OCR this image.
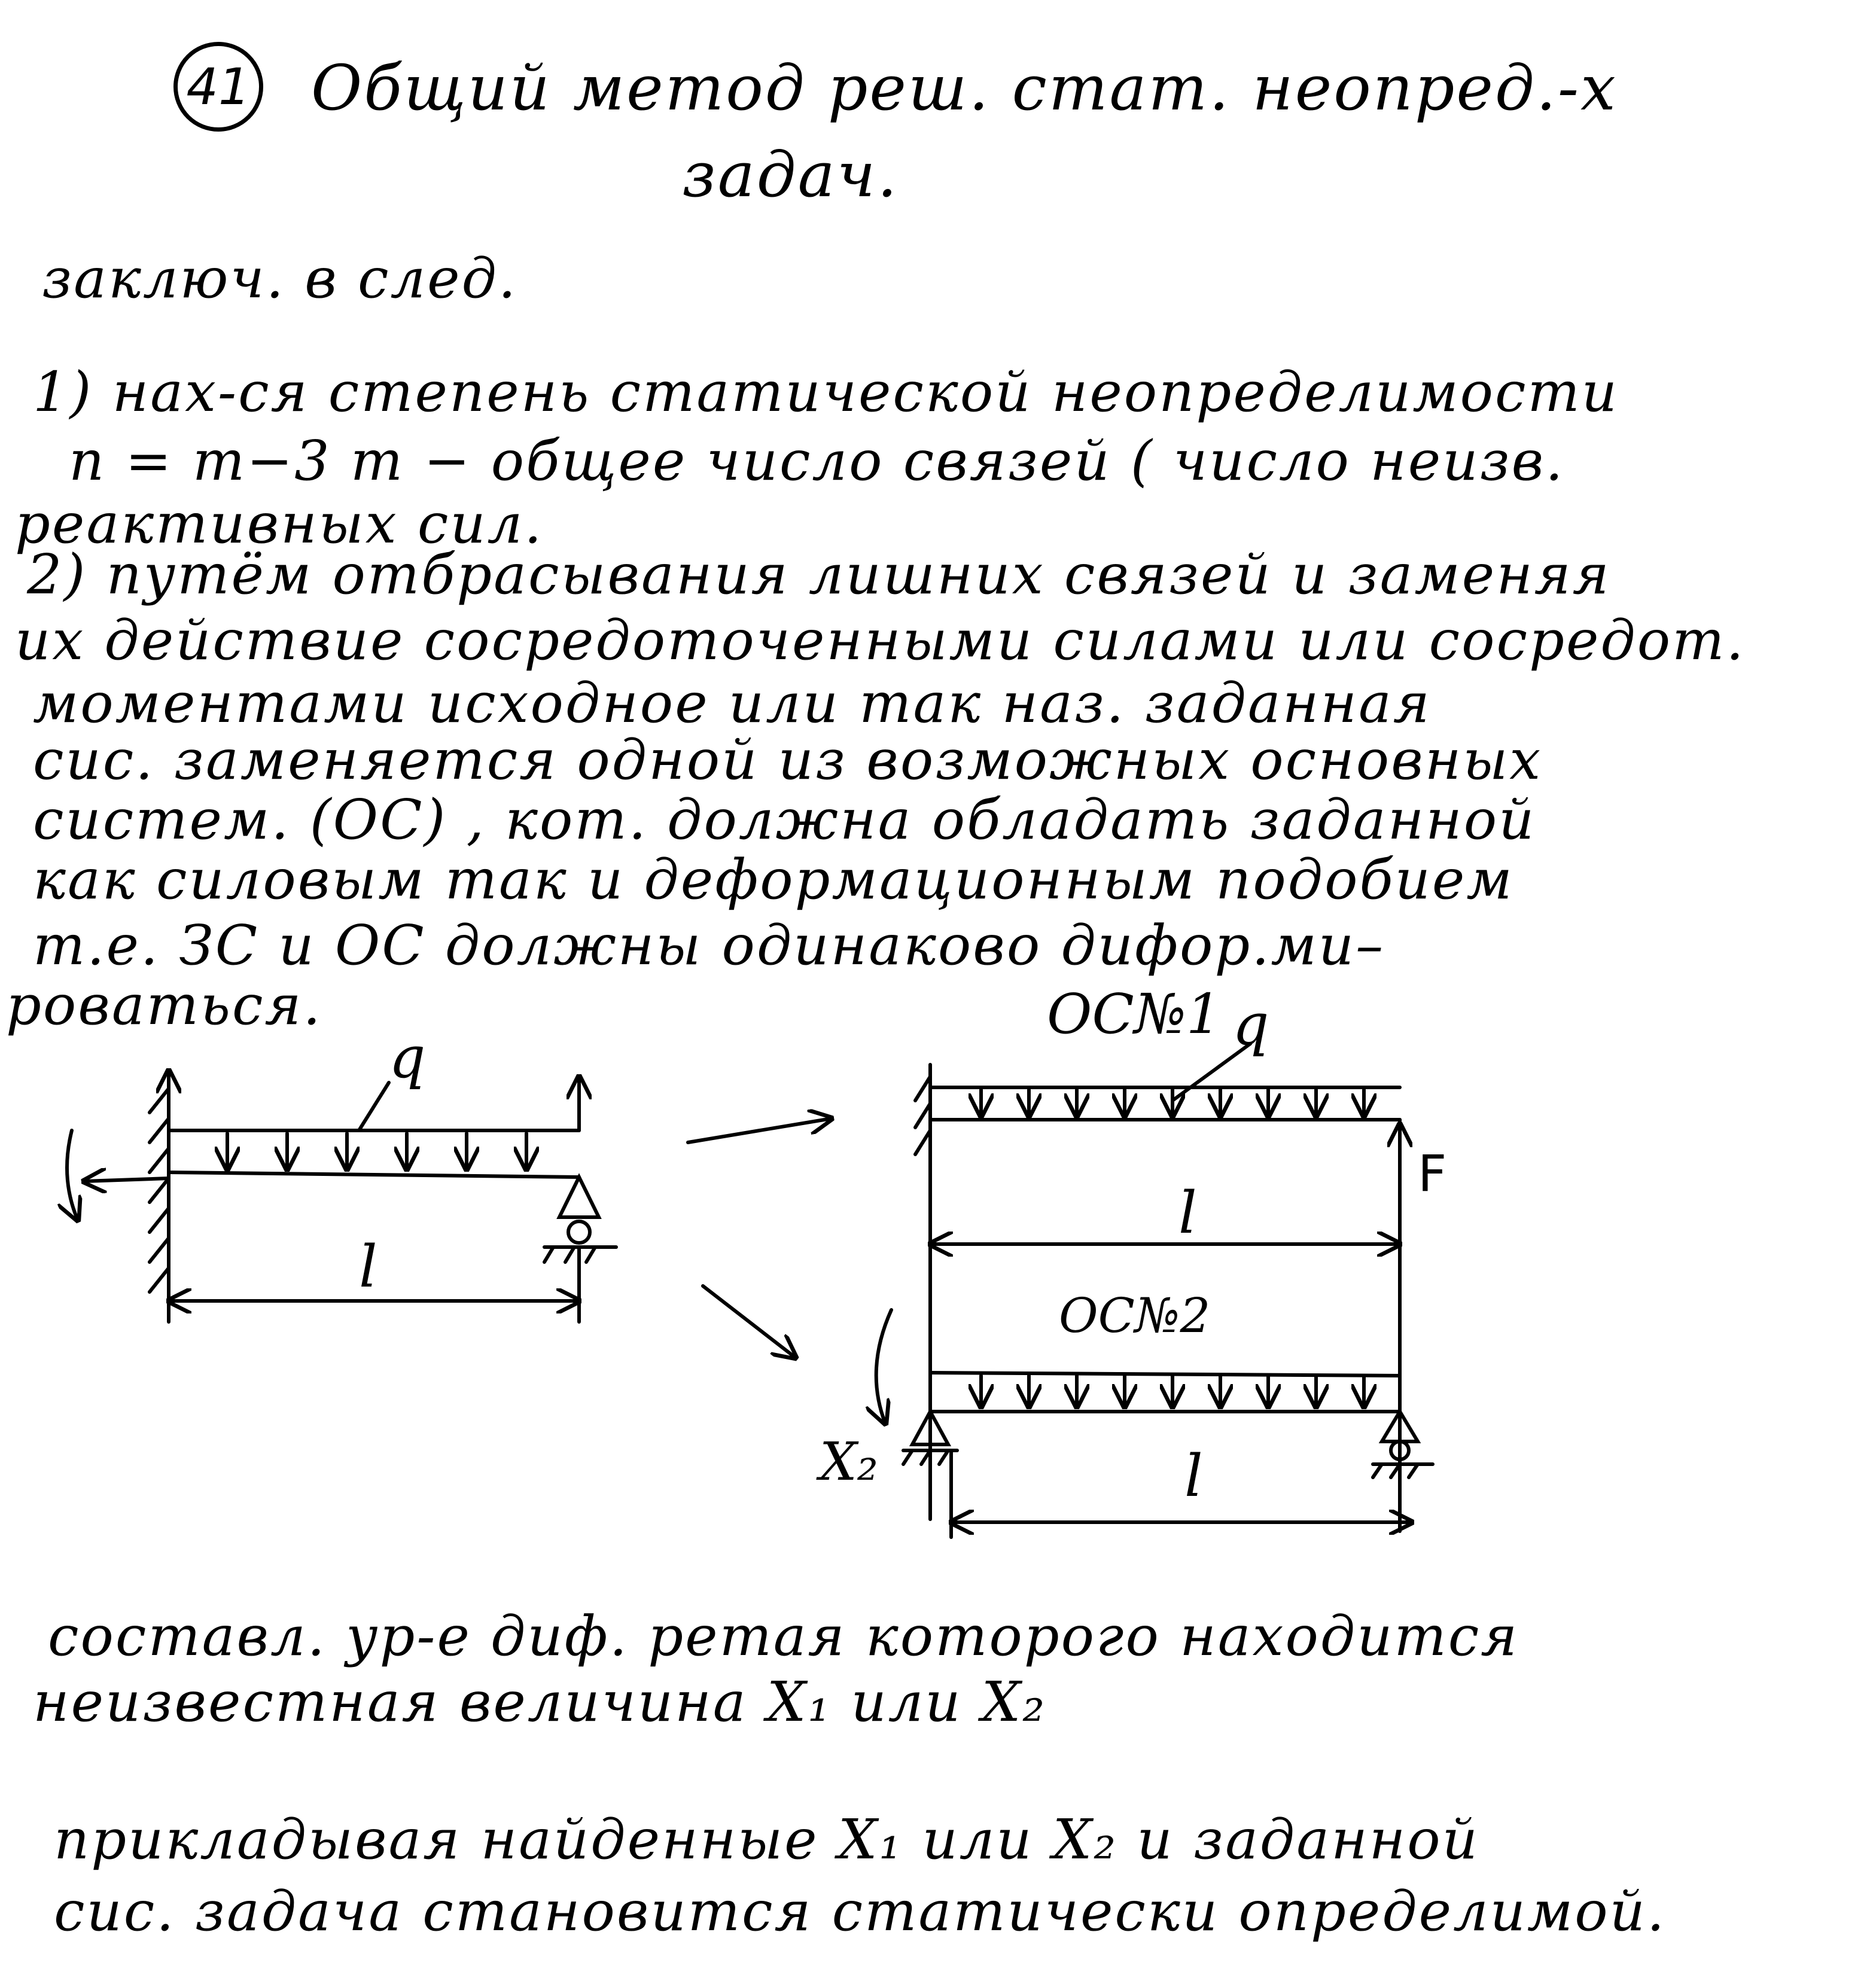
41 Общий метод реш. стат. неопред.-х
задач.
заключ. в след.
1) нах-ся степень статической неопределимости
n = m−3 m − общее число связей ( число неизв.
реактивных сил.
2) путём отбрасывания лишних связей и заменяя
их действие сосредоточенными силами или сосредот.
моментами исходное или так наз. заданная
сис. заменяется одной из возможных основных
систем. (ОС) , кот. должна обладать заданной
как силовым так и деформационным подобием
т.е. ЗС и ОС должны одинаково дифор.ми–
роваться.
q
l
ОС№1 q
F
l
ОС№2
X₂	l
составл. ур-е диф. ретая которого находится
неизвестная величина X₁ или X₂
прикладывая найденные X₁ или X₂ и заданной
сис. задача становится статически определимой.
